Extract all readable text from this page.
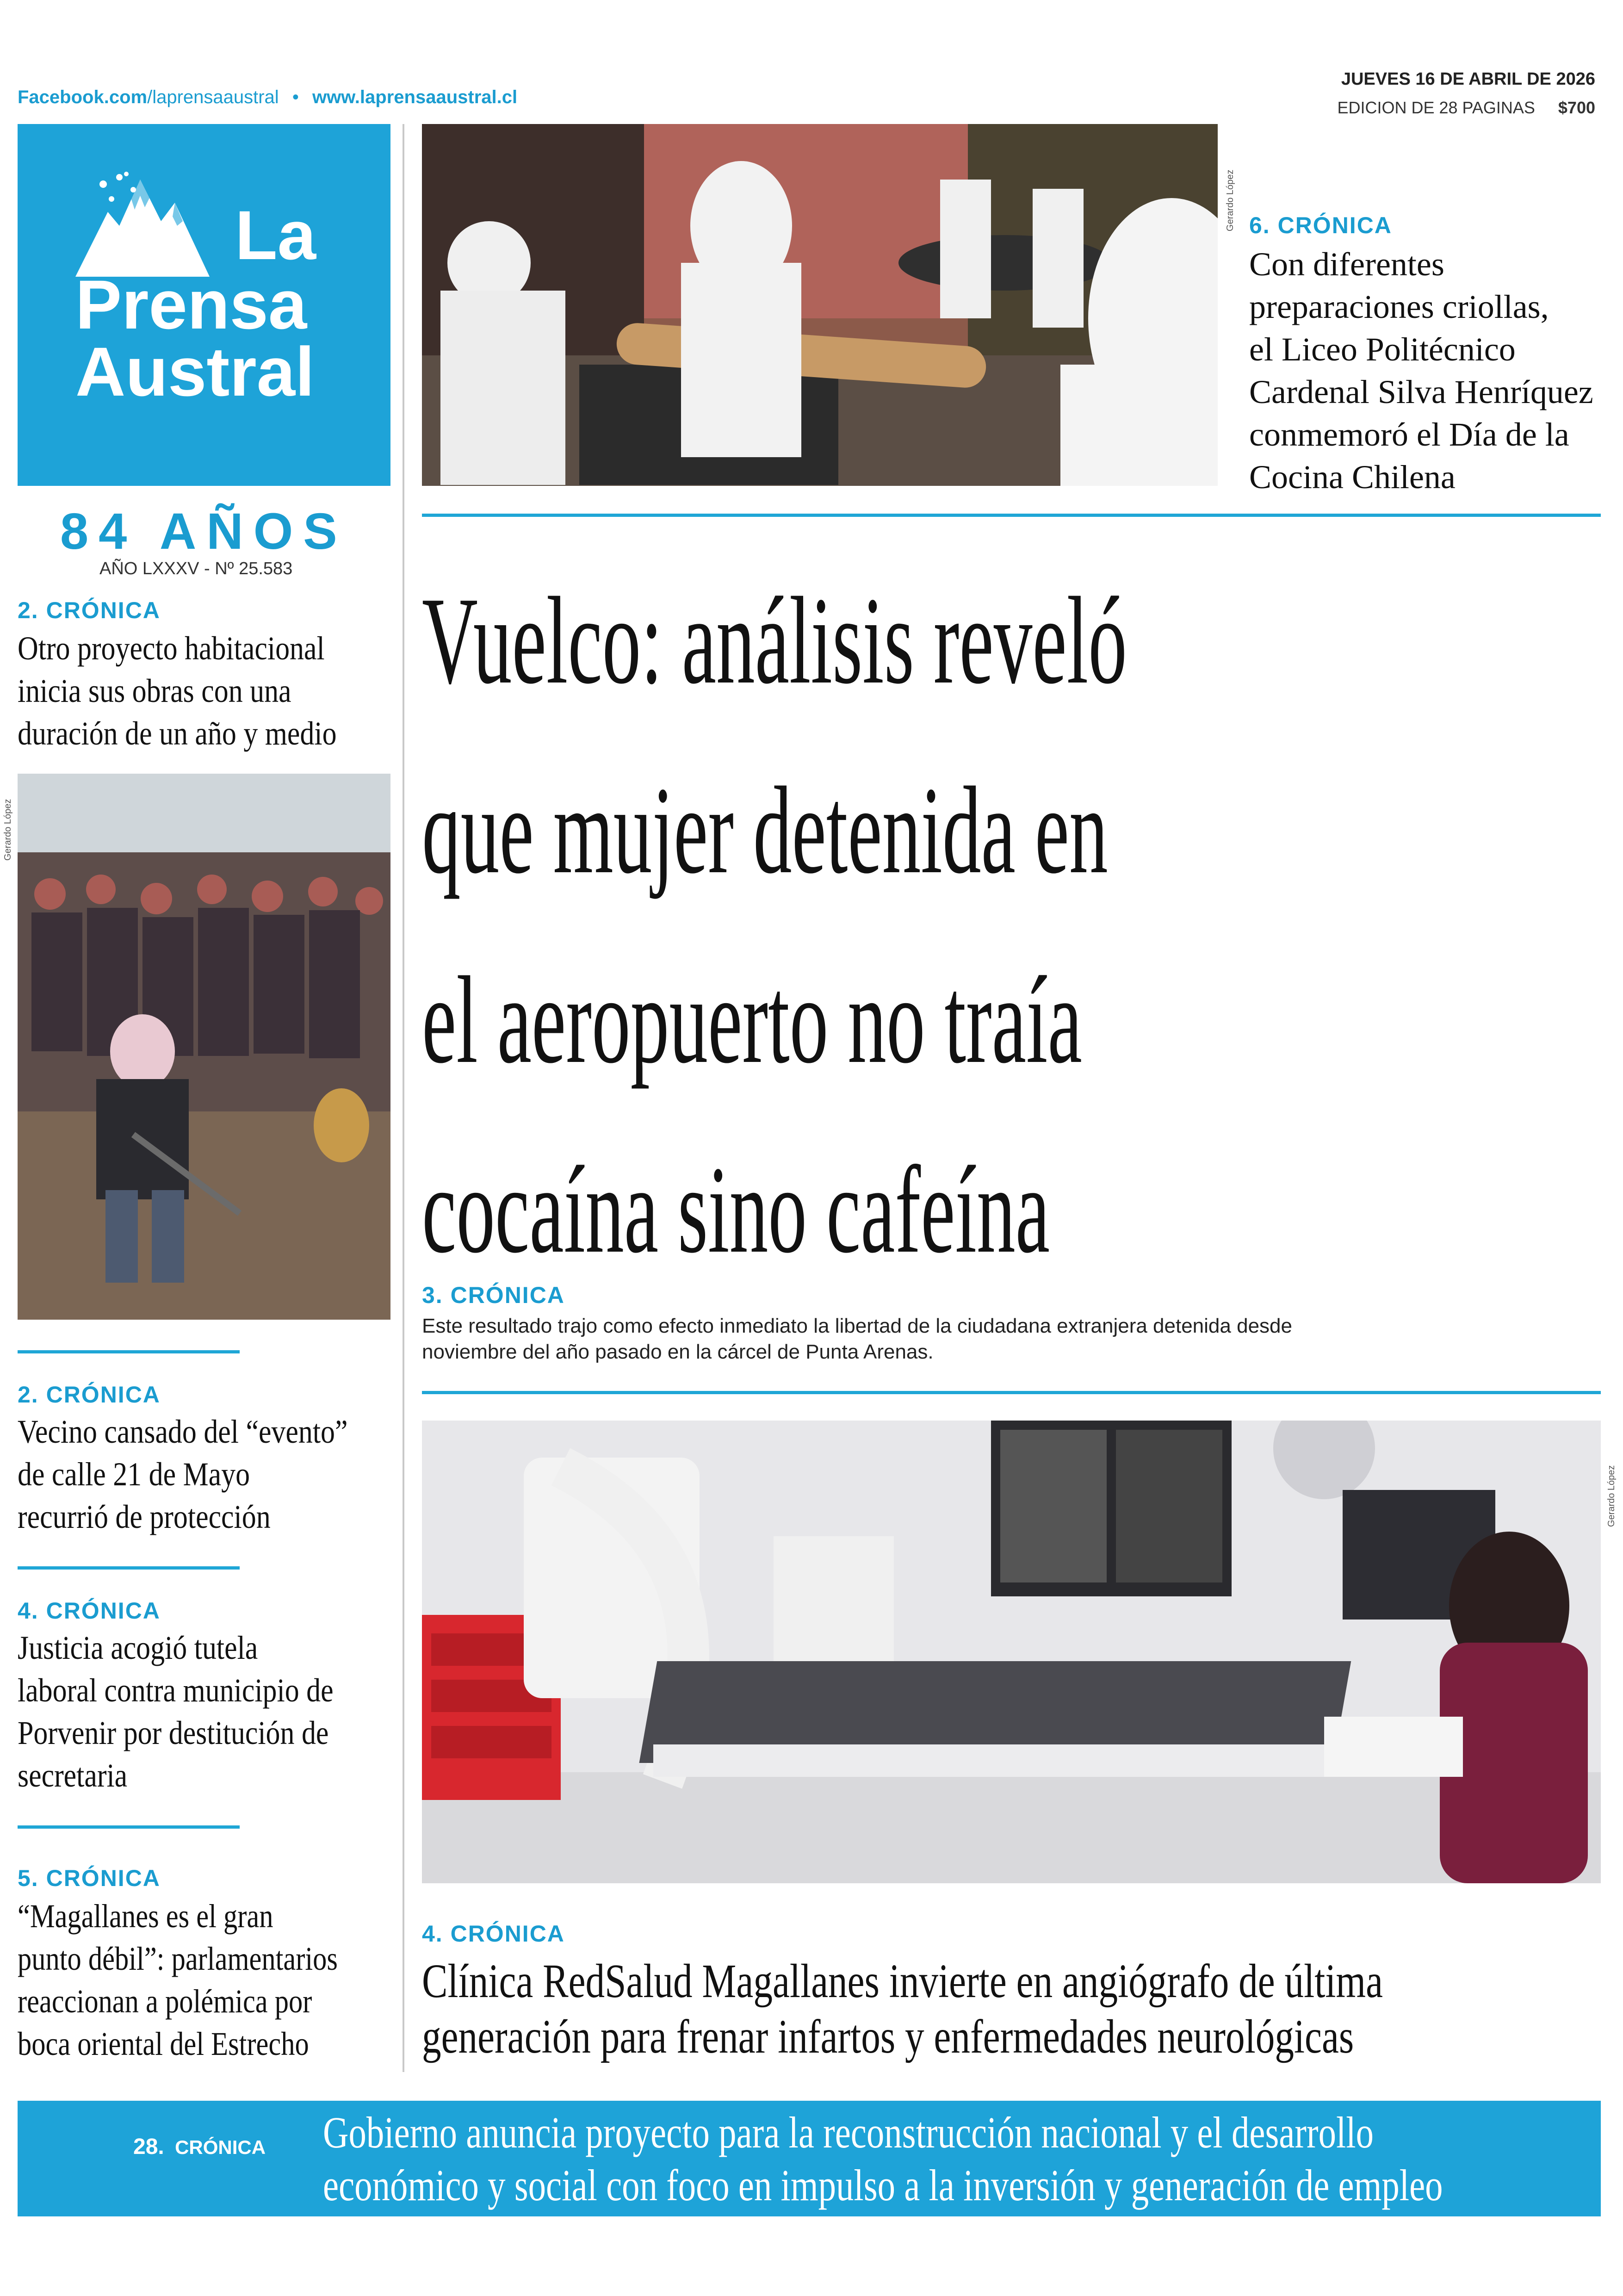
Facebook.com/laprensaaustral • www.laprensaaustral.cl
JUEVES 16 DE ABRIL DE 2026
EDICION DE 28 PAGINAS $700
La
Prensa
Austral
84 AÑOS
AÑO LXXXV - Nº 25.583
Gerardo López 6. CRÓNICA
Con diferentes
preparaciones criollas,
el Liceo Politécnico
Cardenal Silva Henríquez
conmemoró el Día de la
Cocina Chilena
Vuelco: análisis reveló
que mujer detenida en
el aeropuerto no traía
cocaína sino cafeína
3. CRÓNICA
Este resultado trajo como efecto inmediato la libertad de la ciudadana extranjera detenida desde
noviembre del año pasado en la cárcel de Punta Arenas.
Gerardo López
4. CRÓNICA
Clínica RedSalud Magallanes invierte en angiógrafo de última
generación para frenar infartos y enfermedades neurológicas
2. CRÓNICA
Otro proyecto habitacional
inicia sus obras con una
duración de un año y medio
Gerardo López
2. CRÓNICA
Vecino cansado del “evento”
de calle 21 de Mayo
recurrió de protección
4. CRÓNICA
Justicia acogió tutela
laboral contra municipio de
Porvenir por destitución de
secretaria
5. CRÓNICA
“Magallanes es el gran
punto débil”: parlamentarios
reaccionan a polémica por
boca oriental del Estrecho
28. CRÓNICA Gobierno anuncia proyecto para la reconstrucción nacional y el desarrollo
económico y social con foco en impulso a la inversión y generación de empleo
